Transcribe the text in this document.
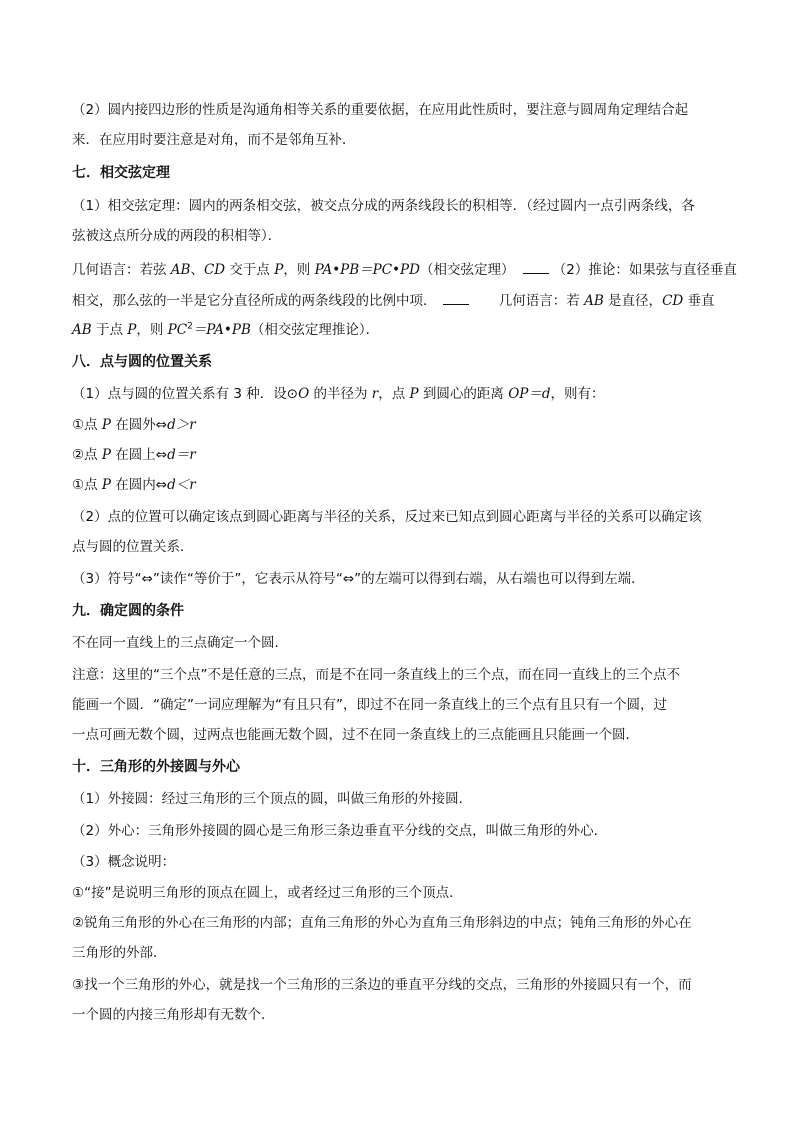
（2）圆内接四边形的性质是沟通角相等关系的重要依据，在应用此性质时，要注意与圆周角定理结合起
来．在应用时要注意是对角，而不是邻角互补．
七．相交弦定理
（1）相交弦定理：圆内的两条相交弦，被交点分成的两条线段长的积相等．（经过圆内一点引两条线，各
弦被这点所分成的两段的积相等）．
几何语言：若弦 AB、CD 交于点 P，则 PA•PB＝PC•PD（相交弦定理）	（2）推论：如果弦与直径垂直
相交，那么弦的一半是它分直径所成的两条线段的比例中项．	几何语言：若 AB 是直径，CD 垂直
AB 于点 P，则 $PC^2=PA•PB$（相交弦定理推论）．
八．点与圆的位置关系
（1）点与圆的位置关系有 3 种．设⊙O 的半径为 r，点 P 到圆心的距离 OP＝d，则有：
①点 P 在圆外⇔d＞r
②点 P 在圆上⇔d＝r
①点 P 在圆内⇔d＜r
（2）点的位置可以确定该点到圆心距离与半径的关系，反过来已知点到圆心距离与半径的关系可以确定该
点与圆的位置关系．
（3）符号“⇔”读作“等价于”，它表示从符号“⇔”的左端可以得到右端，从右端也可以得到左端．
九．确定圆的条件
不在同一直线上的三点确定一个圆．
注意：这里的“三个点”不是任意的三点，而是不在同一条直线上的三个点，而在同一直线上的三个点不
能画一个圆．“确定”一词应理解为“有且只有”，即过不在同一条直线上的三个点有且只有一个圆，过
一点可画无数个圆，过两点也能画无数个圆，过不在同一条直线上的三点能画且只能画一个圆．
十．三角形的外接圆与外心
（1）外接圆：经过三角形的三个顶点的圆，叫做三角形的外接圆．
（2）外心：三角形外接圆的圆心是三角形三条边垂直平分线的交点，叫做三角形的外心．
（3）概念说明：
①“接”是说明三角形的顶点在圆上，或者经过三角形的三个顶点．
②锐角三角形的外心在三角形的内部；直角三角形的外心为直角三角形斜边的中点；钝角三角形的外心在
三角形的外部．
③找一个三角形的外心，就是找一个三角形的三条边的垂直平分线的交点，三角形的外接圆只有一个，而
一个圆的内接三角形却有无数个．
